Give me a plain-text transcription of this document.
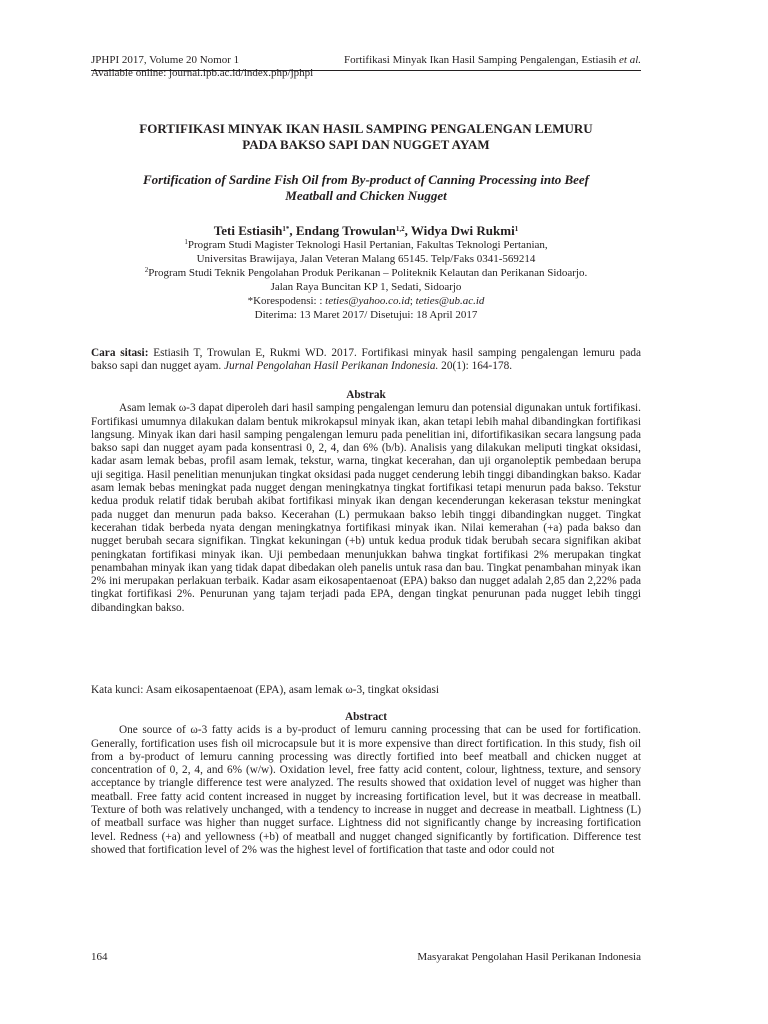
JPHPI 2017, Volume 20 Nomor 1	Fortifikasi Minyak Ikan Hasil Samping Pengalengan, Estiasih et al.
Available online: journal.ipb.ac.id/index.php/jphpi
FORTIFIKASI MINYAK IKAN HASIL SAMPING PENGALENGAN LEMURU
PADA BAKSO SAPI DAN NUGGET AYAM
Fortification of Sardine Fish Oil from By-product of Canning Processing into Beef
Meatball and Chicken Nugget
Teti Estiasih$^{1*}$, Endang Trowulan$^{1,2}$, Widya Dwi Rukmi$^1$

$^1$Program Studi Magister Teknologi Hasil Pertanian, Fakultas Teknologi Pertanian,

Universitas Brawijaya, Jalan Veteran Malang 65145. Telp/Faks 0341-569214

$^2$Program Studi Teknik Pengolahan Produk Perikanan – Politeknik Kelautan dan Perikanan Sidoarjo.

Jalan Raya Buncitan KP 1, Sedati, Sidoarjo

*Korespodensi: : teties@yahoo.co.id; teties@ub.ac.id

Diterima: 13 Maret 2017/ Disetujui: 18 April 2017

Cara sitasi: Estiasih T, Trowulan E, Rukmi WD. 2017. Fortifikasi minyak hasil samping pengalengan lemuru pada bakso sapi dan nugget ayam. Jurnal Pengolahan Hasil Perikanan Indonesia. 20(1): 164-178.

Abstrak

Asam lemak ω-3 dapat diperoleh dari hasil samping pengalengan lemuru dan potensial digunakan untuk fortifikasi. Fortifikasi umumnya dilakukan dalam bentuk mikrokapsul minyak ikan, akan tetapi lebih mahal dibandingkan fortifikasi langsung. Minyak ikan dari hasil samping pengalengan lemuru pada penelitian ini, difortifikasikan secara langsung pada bakso sapi dan nugget ayam pada konsentrasi 0, 2, 4, dan 6% (b/b). Analisis yang dilakukan meliputi tingkat oksidasi, kadar asam lemak bebas, profil asam lemak, tekstur, warna, tingkat kecerahan, dan uji organoleptik pembedaan berupa uji segitiga. Hasil penelitian menunjukan tingkat oksidasi pada nugget cenderung lebih tinggi dibandingkan bakso. Kadar asam lemak bebas meningkat pada nugget dengan meningkatnya tingkat fortifikasi tetapi menurun pada bakso. Tekstur kedua produk relatif tidak berubah akibat fortifikasi minyak ikan dengan kecenderungan kekerasan tekstur meningkat pada nugget dan menurun pada bakso. Kecerahan (L) permukaan bakso lebih tinggi dibandingkan nugget. Tingkat kecerahan tidak berbeda nyata dengan meningkatnya fortifikasi minyak ikan. Nilai kemerahan (+a) pada bakso dan nugget berubah secara signifikan. Tingkat kekuningan (+b) untuk kedua produk tidak berubah secara signifikan akibat peningkatan fortifikasi minyak ikan. Uji pembedaan menunjukkan bahwa tingkat fortifikasi 2% merupakan tingkat penambahan minyak ikan yang tidak dapat dibedakan oleh panelis untuk rasa dan bau. Tingkat penambahan minyak ikan 2% ini merupakan perlakuan terbaik. Kadar asam eikosapentaenoat (EPA) bakso dan nugget adalah 2,85 dan 2,22% pada tingkat fortifikasi 2%. Penurunan yang tajam terjadi pada EPA, dengan tingkat penurunan pada nugget lebih tinggi dibandingkan bakso.

Kata kunci: Asam eikosapentaenoat (EPA), asam lemak ω-3, tingkat oksidasi

Abstract

One source of ω-3 fatty acids is a by-product of lemuru canning processing that can be used for fortification. Generally, fortification uses fish oil microcapsule but it is more expensive than direct fortification. In this study, fish oil from a by-product of lemuru canning processing was directly fortified into beef meatball and chicken nugget at concentration of 0, 2, 4, and 6% (w/w). Oxidation level, free fatty acid content, colour, lightness, texture, and sensory acceptance by triangle difference test were analyzed. The results showed that oxidation level of nugget was higher than meatball. Free fatty acid content increased in nugget by increasing fortification level, but it was decrease in meatball. Texture of both was relatively unchanged, with a tendency to increase in nugget and decrease in meatball. Lightness (L) of meatball surface was higher than nugget surface. Lightness did not significantly change by increasing fortification level. Redness (+a) and yellowness (+b) of meatball and nugget changed significantly by fortification. Difference test showed that fortification level of 2% was the highest level of fortification that taste and odor could not

164	Masyarakat Pengolahan Hasil Perikanan Indonesia
